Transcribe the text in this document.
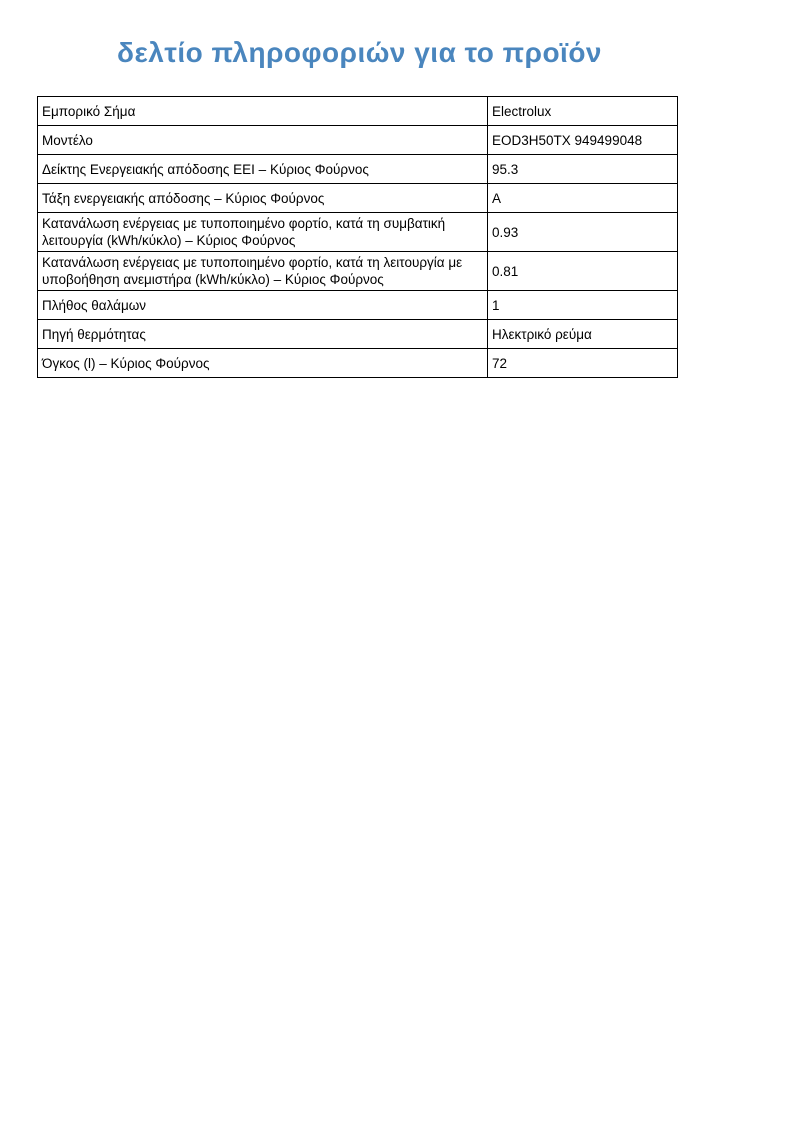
δελτίο πληροφοριών για το προϊόν
Εμπορικό Σήμα	Electrolux
Μοντέλο	EOD3H50TX 949499048
Δείκτης Ενεργειακής απόδοσης EEI – Κύριος Φούρνος	95.3
Τάξη ενεργειακής απόδοσης – Κύριος Φούρνος	A
Κατανάλωση ενέργειας με τυποποιημένο φορτίο, κατά τη συμβατική λειτουργία (kWh/κύκλο) – Κύριος Φούρνος	0.93
Κατανάλωση ενέργειας με τυποποιημένο φορτίο, κατά τη λειτουργία με υποβοήθηση ανεμιστήρα (kWh/κύκλο) – Κύριος Φούρνος	0.81
Πλήθος θαλάμων	1
Πηγή θερμότητας	Ηλεκτρικό ρεύμα
Όγκος (l) – Κύριος Φούρνος	72
